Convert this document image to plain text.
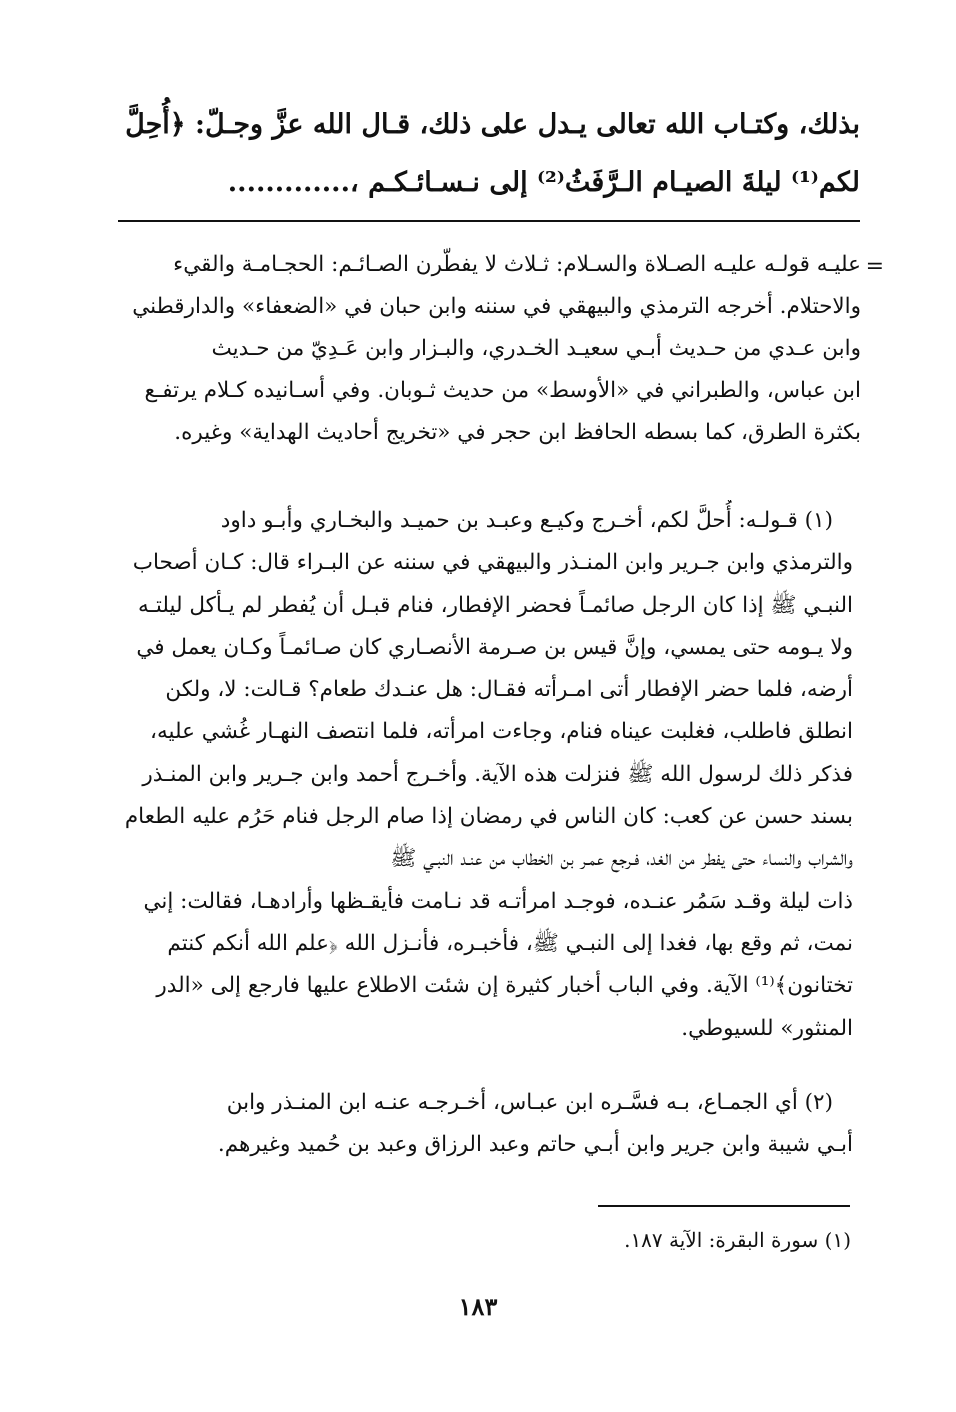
بذلك، وكتـاب الله تعالى يـدل على ذلك، قـال الله عزَّ وجـلّ: ﴿أُحِلَّ
لكم⁽¹⁾ ليلةَ الصيـام الـرَّفَثُ⁽²⁾ إلى نـسـائـكـم ،.............
=
عليـه قولـه عليـه الصـلاة والسـلام: ثـلاث لا يفطّرن الصـائـم: الحجـامـة والقيء
والاحتلام. أخرجه الترمذي والبيهقي في سننه وابن حبان في «الضعفاء» والدارقطني
وابن عـدي من حـديث أبـي سعيـد الخـدري، والبـزار وابن عَـدِيّ من حـديث
ابن عباس، والطبراني في «الأوسط» من حديث ثـوبان. وفي أسـانيده كـلام يرتفـع
بكثرة الطرق، كما بسطه الحافظ ابن حجر في «تخريج أحاديث الهداية» وغيره.
(١) قـولـه: أُحلَّ لكم، أخـرج وكيـع وعبـد بن حميـد والبخـاري وأبـو داود
والترمذي وابن جـرير وابن المنـذر والبيهقي في سننه عن البـراء قال: كـان أصحاب
النبـي ﷺ إذا كان الرجل صائمـاً فحضر الإفطار، فنام قبـل أن يُفطر لم يـأكل ليلتـه
ولا يـومه حتى يمسي، وإنَّ قيس بن صـرمة الأنصـاري كان صـائمـاً وكـان يعمل في
أرضه، فلما حضر الإفطار أتى امـرأته فقـال: هل عنـدك طعام؟ قـالت: لا، ولكن
انطلق فاطلب، فغلبت عيناه فنام، وجاءت امرأته، فلما انتصف النهـار غُشي عليه،
فذكر ذلك لرسول الله ﷺ فنزلت هذه الآية. وأخـرج أحمد وابن جـرير وابن المنـذر
بسند حسن عن كعب: كان الناس في رمضان إذا صام الرجل فنام حَرُم عليه الطعام
والشراب والنساء حتى يفطر من الغد، فـرجع عمـر بن الخطاب من عنـد النبـي ﷺ
ذات ليلة وقـد سَمُر عنـده، فوجـد امرأتـه قد نـامت فأيقـظها وأرادهـا، فقالت: إني
نمت، ثم وقع بها، فغدا إلى النبـي ﷺ، فأخبـره، فأنـزل الله ﴿علم الله أنكم كنتم
تختانون﴾⁽¹⁾ الآية. وفي الباب أخبار كثيرة إن شئت الاطلاع عليها فارجع إلى «الدر
المنثور» للسيوطي.
(٢) أي الجمـاع، بـه فسَّـره ابن عبـاس، أخـرجـه عنـه ابن المنـذر وابن
أبـي شيبة وابن جرير وابن أبـي حاتم وعبد الرزاق وعبد بن حُميد وغيرهم.
(١) سورة البقرة: الآية ١٨٧.
١٨٣
